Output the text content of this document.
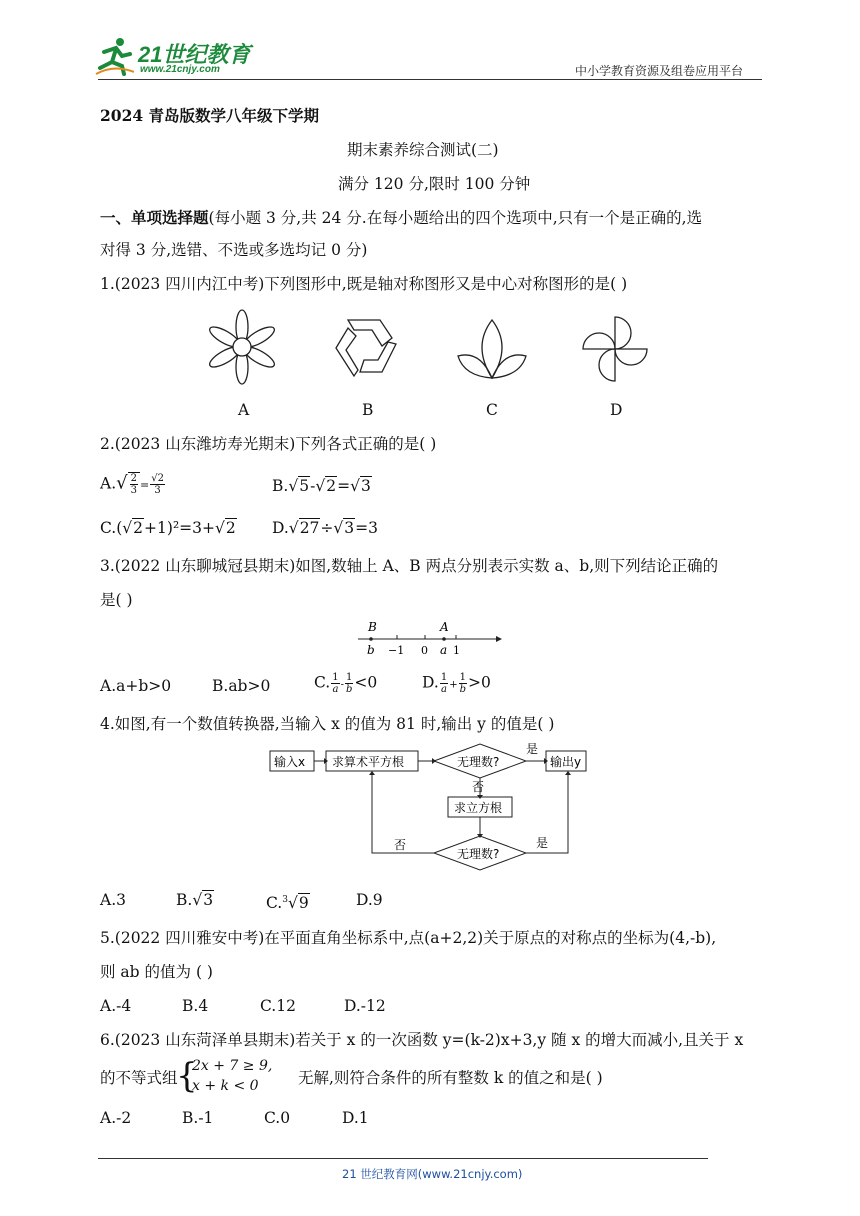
21世纪教育
www.21cnjy.com	中小学教育资源及组卷应用平台
2024 青岛版数学八年级下学期
期末素养综合测试(二)
满分 120 分,限时 100 分钟
一、单项选择题(每小题 3 分,共 24 分.在每小题给出的四个选项中,只有一个是正确的,选
对得 3 分,选错、不选或多选均记 0 分)
1.(2023 四川内江中考)下列图形中,既是轴对称图形又是中心对称图形的是( )
A	B	C	D
2.(2023 山东潍坊寿光期末)下列各式正确的是( )
$A.√ \frac{2}{3} = \frac{√2}{3}$	B.√5-√2=√3
C.(√2+1)²=3+√2 D.√27÷√3=3
3.(2022 山东聊城冠县期末)如图,数轴上 A、B 两点分别表示实数 a、b,则下列结论正确的
是( )
B
b −1 0
A
a 1
A.a+b>0	B.ab>0	C. $\frac{1}{a} - \frac{1}{b} <0$	D. $\frac{1}{a} + \frac{1}{b} >0$
4.如图,有一个数值转换器,当输入 x 的值为 81 时,输出 y 的值是( )
输入x 求算术平方根	无理数?
是
输出y
否
求立方根
无理数?
否	是
A.3	B.√3	C.$^3$√9	D.9
5.(2022 四川雅安中考)在平面直角坐标系中,点(a+2,2)关于原点的对称点的坐标为(4,-b),
则 ab 的值为 ( )
A.-4	B.4	C.12	D.-12
6.(2023 山东菏泽单县期末)若关于 x 的一次函数 y=(k-2)x+3,y 随 x 的增大而减小,且关于 x
的不等式组
{
2x + 7 ≥ 9,
x + k < 0	无解,则符合条件的所有整数 k 的值之和是( )
A.-2	B.-1	C.0	D.1
21 世纪教育网(www.21cnjy.com)
